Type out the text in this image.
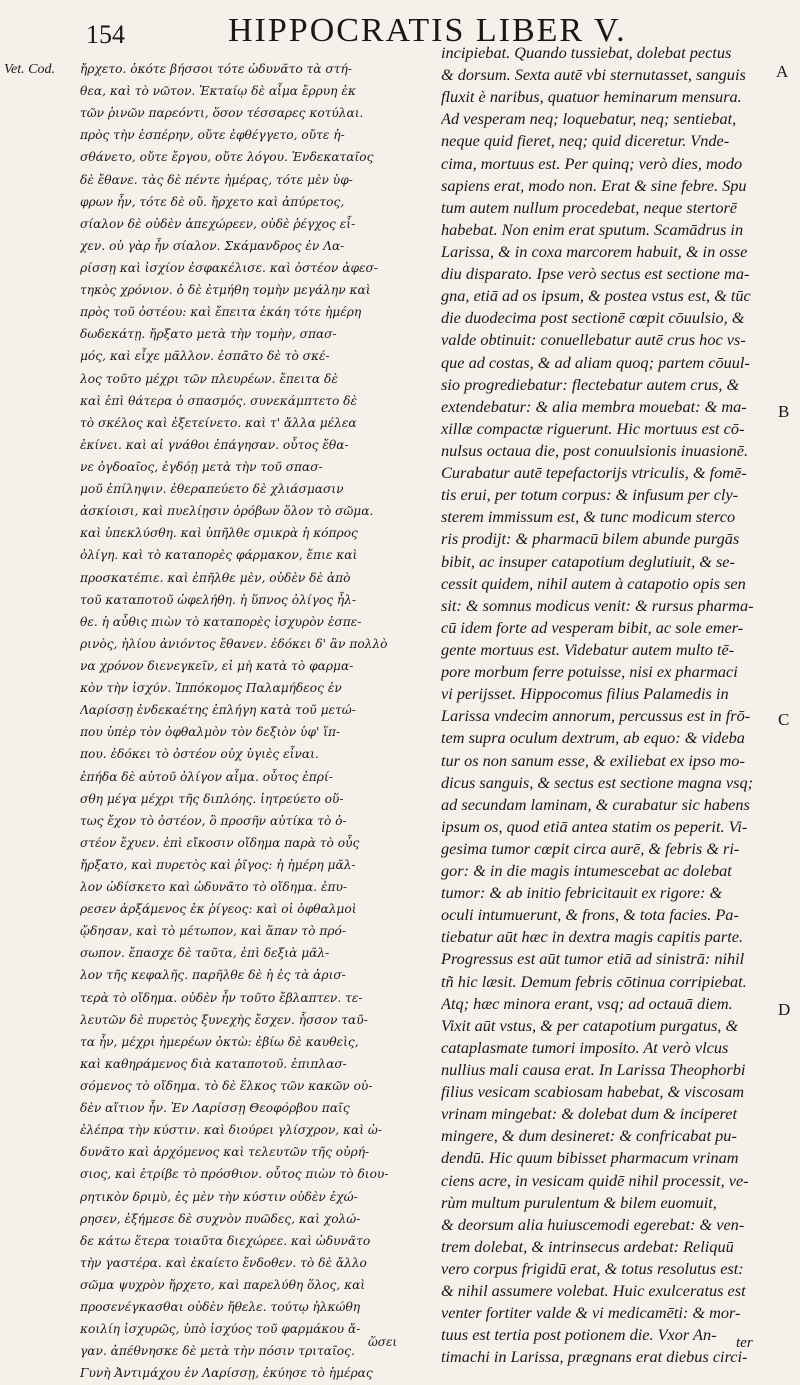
154	HIPPOCRATIS LIBER V.
Vet. Cod. ἤρχετο. ὁκότε βήσσοι τότε ὠδυνᾶτο τὰ στή-
θεα, καὶ τὸ νῶτον. Ἑκταίῳ δὲ αἷμα ἔρρυη ἐκ
τῶν ῥινῶν παρεόντι, ὅσον τέσσαρες κοτύλαι.
πρὸς τὴν ἑσπέρην, οὔτε ἐφθέγγετο, οὔτε ἠ-
σθάνετο, οὔτε ἔργου, οὔτε λόγου. Ἑνδεκαταῖος
δὲ ἔθανε. τὰς δὲ πέντε ἡμέρας, τότε μὲν ὑφ-
φρων ἦν, τότε δὲ οὔ. ἤρχετο καὶ ἀπύρετος,
σίαλον δὲ οὐδὲν ἀπεχώρεεν, οὐδὲ ῥέγχος εἶ-
χεν. οὐ γὰρ ἦν σίαλον. Σκάμανδρος ἐν Λα-
ρίσσῃ καὶ ἰσχίον ἐσφακέλισε. καὶ ὀστέον ἀφεσ-
τηκὸς χρόνιον. ὁ δὲ ἐτμήθη τομὴν μεγάλην καὶ
πρὸς τοῦ ὀστέου: καὶ ἔπειτα ἐκάη τότε ἡμέρη
δωδεκάτῃ. ἤρξατο μετὰ τὴν τομὴν, σπασ-
μός, καὶ εἶχε μᾶλλον. ἐσπᾶτο δὲ τὸ σκέ-
λος τοῦτο μέχρι τῶν πλευρέων. ἔπειτα δὲ
καὶ ἐπὶ θάτερα ὁ σπασμός. συνεκάμπτετο δὲ
τὸ σκέλος καὶ ἐξετείνετο. καὶ τ' ἄλλα μέλεα
ἐκίνει. καὶ αἱ γνάθοι ἐπάγησαν. οὗτος ἔθα-
νε ὀγδοαῖος, ἐγδόῃ μετὰ τὴν τοῦ σπασ-
μοῦ ἐπίληψιν. ἐθεραπεύετο δὲ χλιάσμασιν
ἀσκίοισι, καὶ πυελίῃσιν ὀρόβων ὅλον τὸ σῶμα.
καὶ ὑπεκλύσθη. καὶ ὑπῆλθε σμικρὰ ἡ κόπρος
ὀλίγη. καὶ τὸ καταπορὲς φάρμακον, ἔπιε καὶ
προσκατέπιε. καὶ ἐπῆλθε μὲν, οὐδὲν δὲ ἀπὸ
τοῦ καταποτοῦ ὠφελήθη. ἡ ὕπνος ὀλίγος ἦλ-
θε. ἡ αὖθις πιὼν τὸ καταπορὲς ἰσχυρὸν ἑσπε-
ρινὸς, ἡλίου ἀνιόντος ἔθανεν. ἐδόκει δ' ἂν πολλὸ
να χρόνον διενεγκεῖν, εἰ μὴ κατὰ τὸ φαρμα-
κὸν τὴν ἰσχύν. Ἱππόκομος Παλαμήδεος ἐν
Λαρίσσῃ ἑνδεκαέτης ἐπλήγη κατὰ τοῦ μετώ-
που ὑπὲρ τὸν ὀφθαλμὸν τὸν δεξιὸν ὑφ' ἵπ-
που. ἐδόκει τὸ ὀστέον οὐχ ὑγιὲς εἶναι.
ἐπήδα δὲ αὐτοῦ ὀλίγον αἷμα. οὗτος ἐπρί-
σθη μέγα μέχρι τῆς διπλόης. ἰητρεύετο οὕ-
τως ἔχον τὸ ὀστέον, ὃ προσῆν αὐτίκα τὸ ὀ-
στέον ἔχυεν. ἐπὶ εἴκοσιν οἴδημα παρὰ τὸ οὖς
ἤρξατο, καὶ πυρετὸς καὶ ῥῖγος: ἡ ἡμέρη μᾶλ-
λον ὠδίσκετο καὶ ὠδυνᾶτο τὸ οἴδημα. ἐπυ-
ρεσεν ἀρξάμενος ἐκ ῥίγεος: καὶ οἱ ὀφθαλμοὶ
ᾤδησαν, καὶ τὸ μέτωπον, καὶ ἅπαν τὸ πρό-
σωπον. ἔπασχε δὲ ταῦτα, ἐπὶ δεξιὰ μᾶλ-
λον τῆς κεφαλῆς. παρῆλθε δὲ ἡ ἐς τὰ ἀρισ-
τερὰ τὸ οἴδημα. οὐδὲν ἦν τοῦτο ἔβλαπτεν. τε-
λευτῶν δὲ πυρετὸς ξυνεχὴς ἔσχεν. ἧσσον ταῦ-
τα ἦν, μέχρι ἡμερέων ὀκτὼ: ἐβίω δὲ καυθεὶς,
καὶ καθηράμενος διὰ καταποτοῦ. ἐπιπλασ-
σόμενος τὸ οἴδημα. τὸ δὲ ἕλκος τῶν κακῶν οὐ-
δὲν αἴτιον ἦν. Ἐν Λαρίσσῃ Θεοφόρβου παῖς
ἐλέπρα τὴν κύστιν. καὶ διούρει γλίσχρον, καὶ ὠ-
δυνᾶτο καὶ ἀρχόμενος καὶ τελευτῶν τῆς οὐρή-
σιος, καὶ ἐτρίβε τὸ πρόσθιον. οὗτος πιὼν τὸ διου-
ρητικὸν δριμὺ, ἐς μὲν τὴν κύστιν οὐδὲν ἐχώ-
ρησεν, ἐξήμεσε δὲ συχνὸν πυῶδες, καὶ χολώ-
δε κάτω ἕτερα τοιαῦτα διεχώρεε. καὶ ὠδυνᾶτο
τὴν γαστέρα. καὶ ἐκαίετο ἔνδοθεν. τὸ δὲ ἄλλο
σῶμα ψυχρὸν ἤρχετο, καὶ παρελύθη ὅλος, καὶ
προσενέγκασθαι οὐδὲν ἤθελε. τούτῳ ἡλκώθη
κοιλίη ἰσχυρῶς, ὑπὸ ἰσχύος τοῦ φαρμάκου ἄ-
γαν. ἀπέθνησκε δὲ μετὰ τὴν πόσιν τριταῖος.
Γυνὴ Ἀντιμάχου ἐν Λαρίσσῃ, ἐκύησε τὸ ἡμέρας
incipiebat. Quando tussiebat, dolebat pectus
& dorsum. Sexta autē vbi sternutasset, sanguis
fluxit è naribus, quatuor heminarum mensura.
Ad vesperam neq; loquebatur, neq; sentiebat,
neque quid fieret, neq; quid diceretur. Vnde-
cima, mortuus est. Per quinq; verò dies, modo
sapiens erat, modo non. Erat & sine febre. Spu
tum autem nullum procedebat, neque stertorē
habebat. Non enim erat sputum. Scamādrus in
Larissa, & in coxa marcorem habuit, & in osse
diu disparato. Ipse verò sectus est sectione ma-
gna, etiā ad os ipsum, & postea vstus est, & tūc
die duodecima post sectionē cœpit cōuulsio, &
valde obtinuit: conuellebatur autē crus hoc vs-
que ad costas, & ad aliam quoq; partem cōuul-
sio progrediebatur: flectebatur autem crus, &
extendebatur: & alia membra mouebat: & ma-
xillæ compactæ riguerunt. Hic mortuus est cō-
nulsus octaua die, post conuulsionis inuasionē.
Curabatur autē tepefactorijs vtriculis, & fomē-
tis erui, per totum corpus: & infusum per cly-
sterem immissum est, & tunc modicum sterco
ris prodijt: & pharmacū bilem abunde purgās
bibit, ac insuper catapotium deglutiuit, & se-
cessit quidem, nihil autem à catapotio opis sen
sit: & somnus modicus venit: & rursus pharma-
cū idem forte ad vesperam bibit, ac sole emer-
gente mortuus est. Videbatur autem multo tē-
pore morbum ferre potuisse, nisi ex pharmaci
vi perijsset. Hippocomus filius Palamedis in
Larissa vndecim annorum, percussus est in frō-
tem supra oculum dextrum, ab equo: & videba
tur os non sanum esse, & exiliebat ex ipso mo-
dicus sanguis, & sectus est sectione magna vsq;
ad secundam laminam, & curabatur sic habens
ipsum os, quod etiā antea statim os peperit. Vi-
gesima tumor cœpit circa aurē, & febris & ri-
gor: & in die magis intumescebat ac dolebat
tumor: & ab initio febricitauit ex rigore: &
oculi intumuerunt, & frons, & tota facies. Pa-
tiebatur aūt hæc in dextra magis capitis parte.
Progressus est aūt tumor etiā ad sinistrā: nihil
tñ hic læsit. Demum febris cōtinua corripiebat.
Atq; hæc minora erant, vsq; ad octauā diem.
Vixit aūt vstus, & per catapotium purgatus, &
cataplasmate tumori imposito. At verò vlcus
nullius mali causa erat. In Larissa Theophorbi
filius vesicam scabiosam habebat, & viscosam
vrinam mingebat: & dolebat dum & inciperet
mingere, & dum desineret: & confricabat pu-
dendū. Hic quum bibisset pharmacum vrinam
ciens acre, in vesicam quidē nihil processit, ve-
rùm multum purulentum & bilem euomuit,
& deorsum alia huiuscemodi egerebat: & ven-
trem dolebat, & intrinsecus ardebat: Reliquū
vero corpus frigidū erat, & totus resolutus est:
& nihil assumere volebat. Huic exulceratus est
venter fortiter valde & vi medicamēti: & mor-
tuus est tertia post potionem die. Vxor An-
timachi in Larissa, prægnans erat diebus circi-
A
B
C
D
ὥσει	ter
